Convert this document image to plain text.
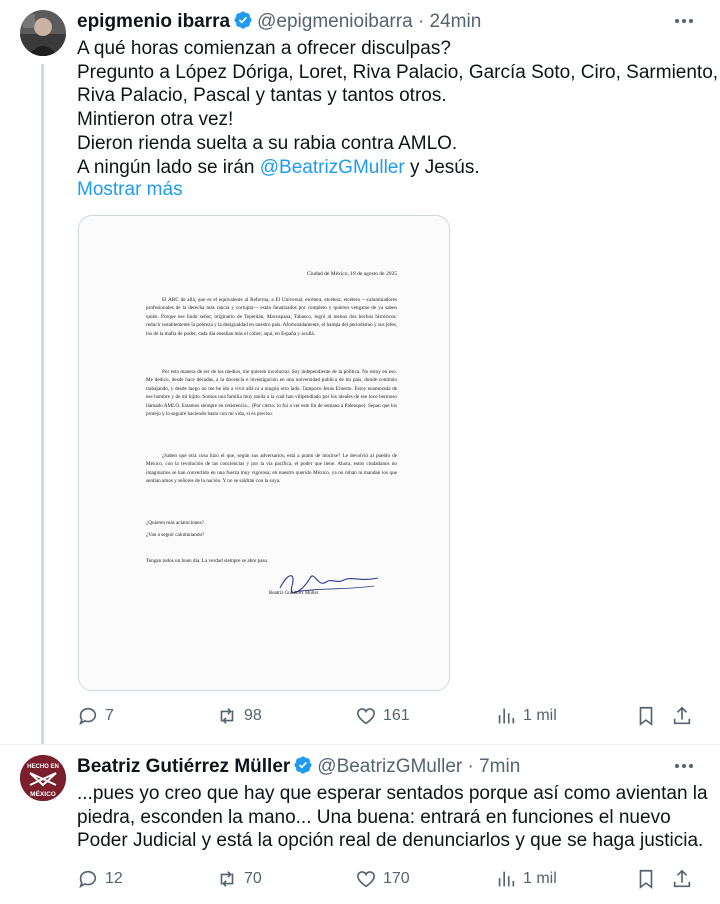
epigmenio ibarra @epigmenioibarra · 24min
A qué horas comienzan a ofrecer disculpas?
Pregunto a López Dóriga, Loret, Riva Palacio, García Soto, Ciro, Sarmiento,
Riva Palacio, Pascal y tantas y tantos otros.
Mintieron otra vez!
Dieron rienda suelta a su rabia contra AMLO.
A ningún lado se irán @BeatrizGMuller y Jesús.
Mostrar más
Ciudad de México, 18 de agosto de 2025
El ABC de allá, que es el equivalente al Reforma, a El Universal, etcétera, etcétera, etcétera —calumniadores profesionales de la derecha más rancia y corrupta— están fanatizados por completo y quieren vengarse de ya saben quién. Porque ese lindo señor, originario de Tepetitán, Macuspana, Tabasco, logró al menos dos hechos históricos: reducir notablemente la pobreza y la desigualdad en nuestro país. Afortunadamente, el hampa del periodismo y sus jefes, los de la mafia de poder, cada día enseñan más el cobre; aquí, en España y acullá.
Por esta manera de ser de los medios, me quieren involucrar. Soy independiente de la política. No estoy en eso. Me dedico, desde hace décadas, a la docencia e investigación en una universidad pública de mi país, donde continúo trabajando, y desde luego no me he ido a vivir allá ni a ningún otro lado. Tampoco Jesús Ernesto. Estoy enamorada de ese hombre y de mi hijito. Somos una familia muy unida a la cual han vilipendiado por los ideales de ese loco hermoso llamado AMLO. Estamos siempre en resistencia... (Por cierto: lo fui a ver este fin de semana a Palenque). Sepan que los protejo y lo seguiré haciendo hasta con mi vida, si es preciso.
¿Saben qué otra cosa hizo el que, según sus adversarios, está a punto de morirse? Le devolvió al pueblo de México, con la revolución de las conciencias y por la vía pacífica, el poder que tiene. Ahora, estos ciudadanos no imaginarios se han convertido en una fuerza muy vigorosa; en nuestro querido México, ya no roban ni mandan los que sentían amos y señores de la nación. Y no se saldrán con la suya.
¿Quieren más aclaraciones?
¿Van a seguir calumniando?
Tengan todos un buen día. La verdad siempre se abre paso.
Beatriz Gutiérrez Müller
7	98	161	1 mil
HECHO EN
MÉXICO
Beatriz Gutiérrez Müller @BeatrizGMuller · 7min
...pues yo creo que hay que esperar sentados porque así como avientan la
piedra, esconden la mano... Una buena: entrará en funciones el nuevo
Poder Judicial y está la opción real de denunciarlos y que se haga justicia.
12	70	170	1 mil
